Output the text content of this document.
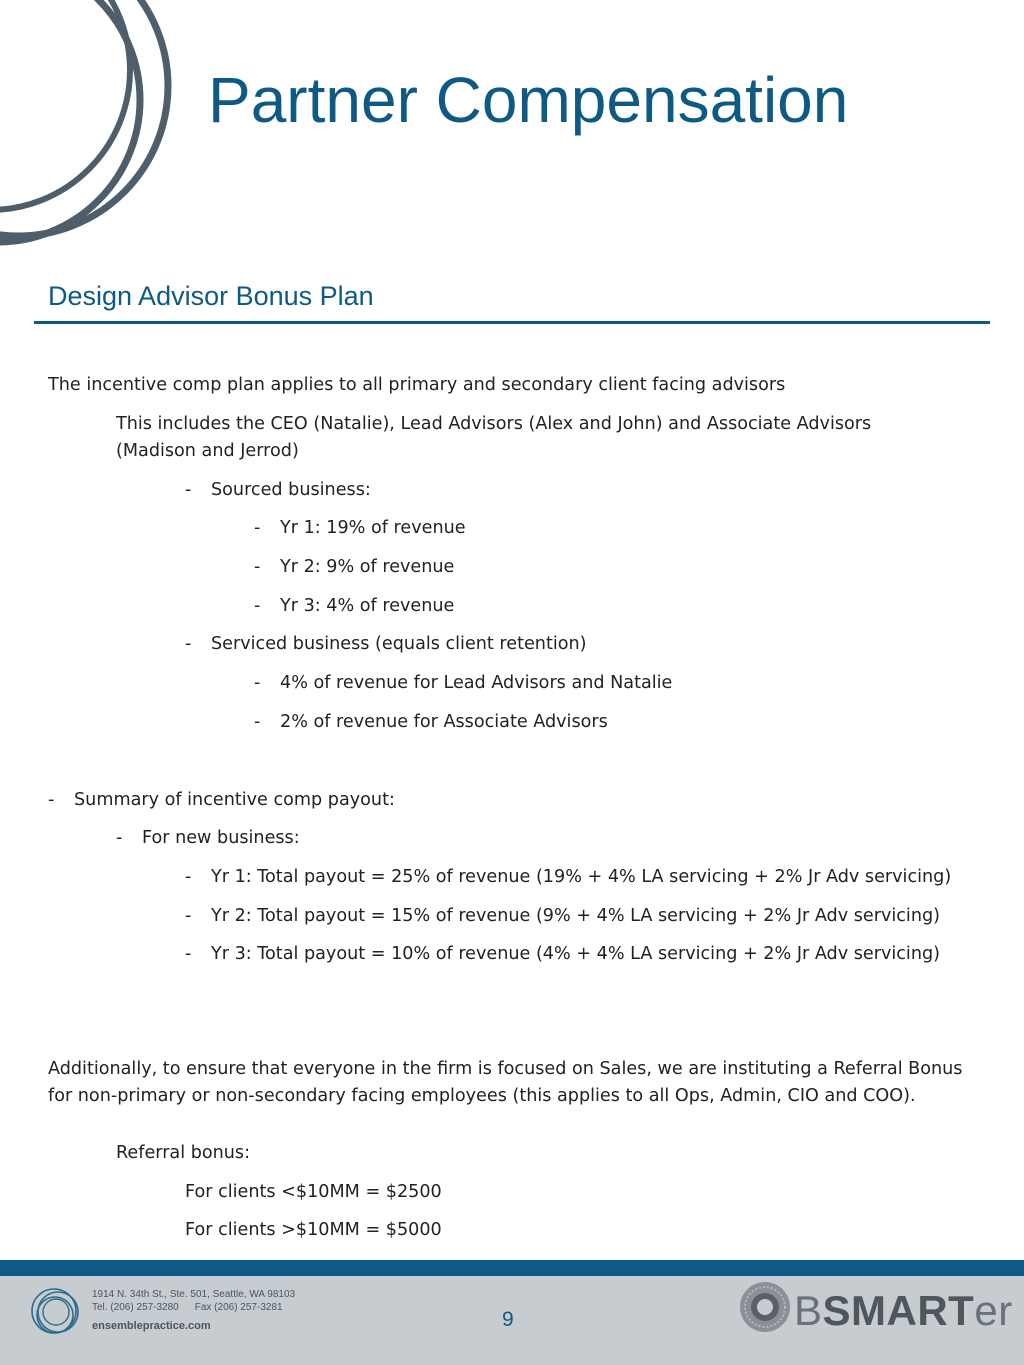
Partner Compensation
Design Advisor Bonus Plan
The incentive comp plan applies to all primary and secondary client facing advisors
This includes the CEO (Natalie), Lead Advisors (Alex and John) and Associate Advisors (Madison and Jerrod)
- Sourced business:
- Yr 1: 19% of revenue
- Yr 2: 9% of revenue
- Yr 3: 4% of revenue
- Serviced business (equals client retention)
- 4% of revenue for Lead Advisors and Natalie
- 2% of revenue for Associate Advisors
- Summary of incentive comp payout:
- For new business:
- Yr 1: Total payout = 25% of revenue (19% + 4% LA servicing + 2% Jr Adv servicing)
- Yr 2: Total payout = 15% of revenue (9% + 4% LA servicing + 2% Jr Adv servicing)
- Yr 3: Total payout = 10% of revenue (4% + 4% LA servicing + 2% Jr Adv servicing)
Additionally, to ensure that everyone in the firm is focused on Sales, we are instituting a Referral Bonus for non-primary or non-secondary facing employees (this applies to all Ops, Admin, CIO and COO).
Referral bonus:
For clients <$10MM = $2500
For clients >$10MM = $5000
1914 N. 34th St., Ste. 501, Seattle, WA 98103
Tel. (206) 257-3280 Fax (206) 257-3281
ensemblepractice.com	9	BSMARTer
